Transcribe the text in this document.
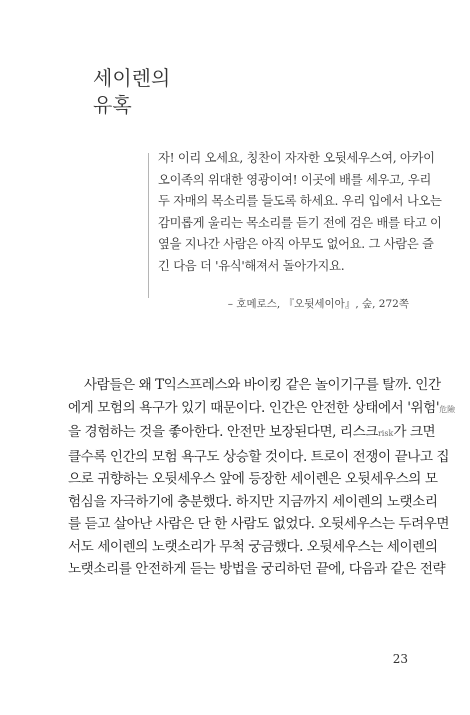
세이렌의
유혹
자! 이리 오세요, 칭찬이 자자한 오뒷세우스여, 아카이
오이족의 위대한 영광이여! 이곳에 배를 세우고, 우리
두 자매의 목소리를 들도록 하세요. 우리 입에서 나오는
감미롭게 울리는 목소리를 듣기 전에 검은 배를 타고 이
옆을 지나간 사람은 아직 아무도 없어요. 그 사람은 즐
긴 다음 더 '유식'해져서 돌아가지요.
– 호메로스, 『오뒷세이아』, 숲, 272쪽
사람들은 왜 T익스프레스와 바이킹 같은 놀이기구를 탈까. 인간
에게 모험의 욕구가 있기 때문이다. 인간은 안전한 상태에서 '위험'危險
을 경험하는 것을 좋아한다. 안전만 보장된다면, 리스크risk가 크면
클수록 인간의 모험 욕구도 상승할 것이다. 트로이 전쟁이 끝나고 집
으로 귀향하는 오뒷세우스 앞에 등장한 세이렌은 오뒷세우스의 모
험심을 자극하기에 충분했다. 하지만 지금까지 세이렌의 노랫소리
를 듣고 살아난 사람은 단 한 사람도 없었다. 오뒷세우스는 두려우면
서도 세이렌의 노랫소리가 무척 궁금했다. 오뒷세우스는 세이렌의
노랫소리를 안전하게 듣는 방법을 궁리하던 끝에, 다음과 같은 전략
23
